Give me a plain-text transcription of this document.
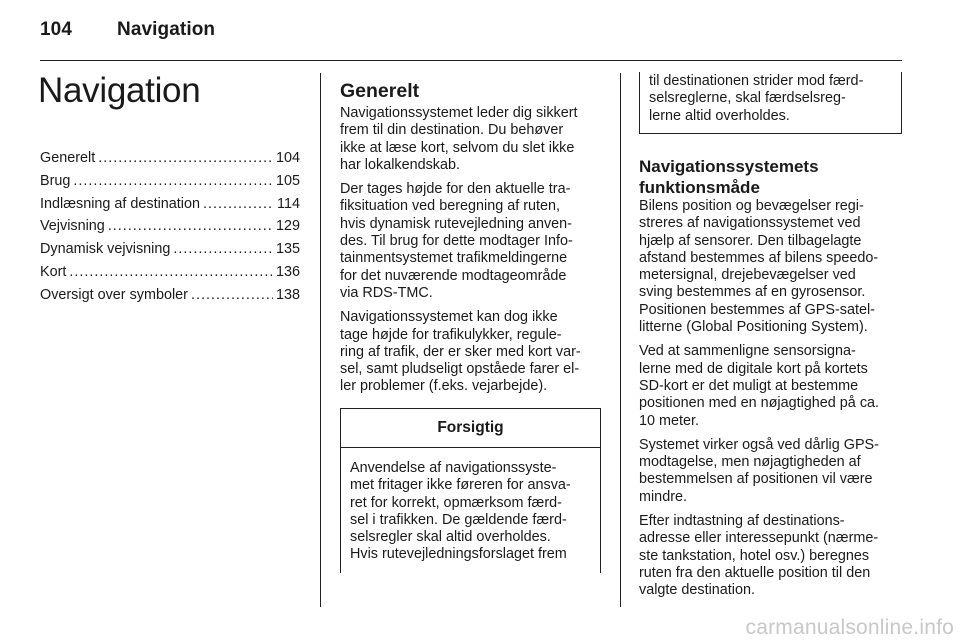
104 Navigation
Navigation
Generelt .....	104
Brug .....	105
Indlæsning af destination .....	114
Vejvisning .....	129
Dynamisk vejvisning .....	135
Kort .....	136
Oversigt over symboler .....	138
Generelt

Navigationssystemet leder dig sikkert
frem til din destination. Du behøver
ikke at læse kort, selvom du slet ikke
har lokalkendskab.

Der tages højde for den aktuelle tra-
fiksituation ved beregning af ruten,
hvis dynamisk rutevejledning anven-
des. Til brug for dette modtager Info-
tainmentsystemet trafikmeldingerne
for det nuværende modtageområde
via RDS-TMC.

Navigationssystemet kan dog ikke
tage højde for trafikulykker, regule-
ring af trafik, der er sker med kort var-
sel, samt pludseligt opståede farer el-
ler problemer (f.eks. vejarbejde).

Forsigtig
Anvendelse af navigationssyste-
met fritager ikke føreren for ansva-
ret for korrekt, opmærksom færd-
sel i trafikken. De gældende færd-
selsregler skal altid overholdes.
Hvis rutevejledningsforslaget frem
til destinationen strider mod færd-
selsreglerne, skal færdselsreg-
lerne altid overholdes.
Navigationssystemets
funktionsmåde

Bilens position og bevægelser regi-
streres af navigationssystemet ved
hjælp af sensorer. Den tilbagelagte
afstand bestemmes af bilens speedo-
metersignal, drejebevægelser ved
sving bestemmes af en gyrosensor.
Positionen bestemmes af GPS-satel-
litterne (Global Positioning System).

Ved at sammenligne sensorsigna-
lerne med de digitale kort på kortets
SD-kort er det muligt at bestemme
positionen med en nøjagtighed på ca.
10 meter.

Systemet virker også ved dårlig GPS-
modtagelse, men nøjagtigheden af
bestemmelsen af positionen vil være
mindre.

Efter indtastning af destinations-
adresse eller interessepunkt (nærme-
ste tankstation, hotel osv.) beregnes
ruten fra den aktuelle position til den
valgte destination.

carmanualsonline.info
